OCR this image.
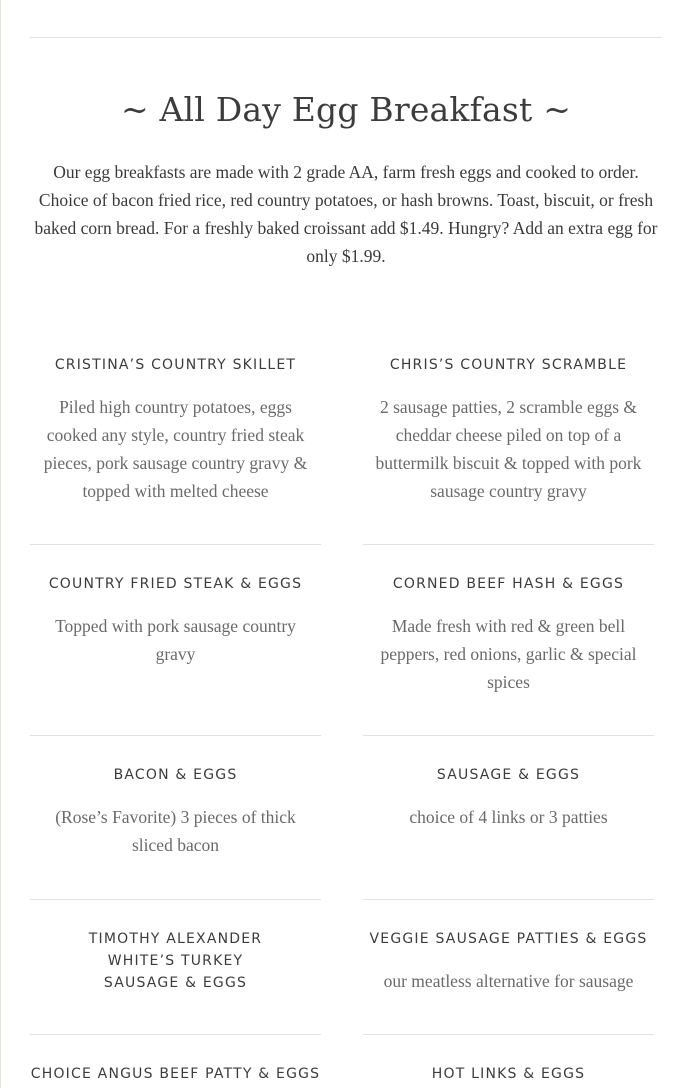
~ All Day Egg Breakfast ~

Our egg breakfasts are made with 2 grade AA, farm fresh eggs and cooked to order. Choice of bacon fried rice, red country potatoes, or hash browns. Toast, biscuit, or fresh baked corn bread. For a freshly baked croissant add $1.49. Hungry? Add an extra egg for only $1.99.

CRISTINA’S COUNTRY SKILLET
Piled high country potatoes, eggs cooked any style, country fried steak pieces, pork sausage country gravy & topped with melted cheese
CHRIS’S COUNTRY SCRAMBLE
2 sausage patties, 2 scramble eggs & cheddar cheese piled on top of a buttermilk biscuit & topped with pork sausage country gravy
COUNTRY FRIED STEAK & EGGS
Topped with pork sausage country gravy
CORNED BEEF HASH & EGGS
Made fresh with red & green bell peppers, red onions, garlic & special spices
BACON & EGGS
(Rose’s Favorite) 3 pieces of thick sliced bacon
SAUSAGE & EGGS
choice of 4 links or 3 patties
TIMOTHY ALEXANDER WHITE’S TURKEY SAUSAGE & EGGS
VEGGIE SAUSAGE PATTIES & EGGS
our meatless alternative for sausage
CHOICE ANGUS BEEF PATTY & EGGS	HOT LINKS & EGGS
